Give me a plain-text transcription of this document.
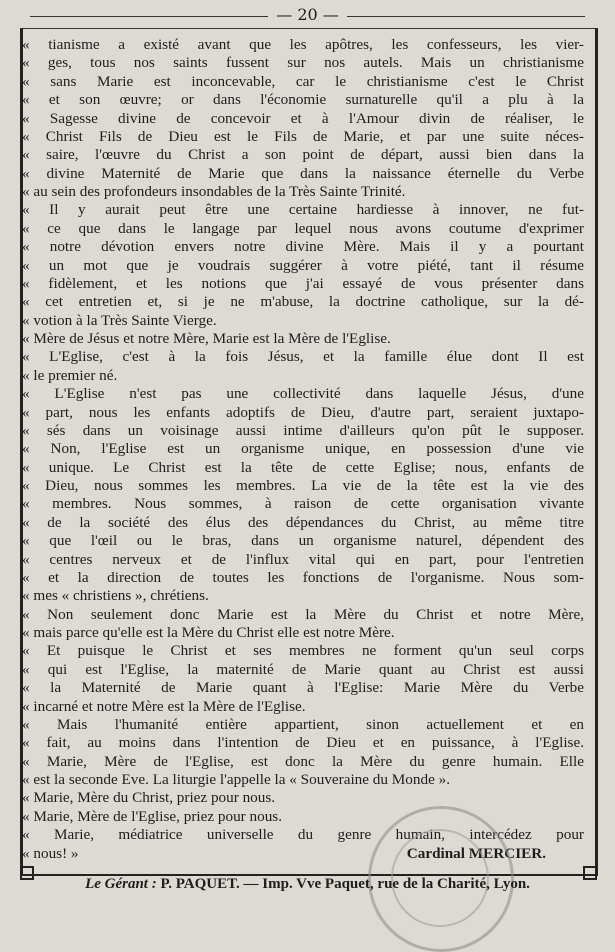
— 20 —
« tianisme a existé avant que les apôtres, les confesseurs, les vier-
« ges, tous nos saints fussent sur nos autels. Mais un christianisme
« sans Marie est inconcevable, car le christianisme c'est le Christ
« et son œuvre; or dans l'économie surnaturelle qu'il a plu à la
« Sagesse divine de concevoir et à l'Amour divin de réaliser, le
« Christ Fils de Dieu est le Fils de Marie, et par une suite néces-
« saire, l'œuvre du Christ a son point de départ, aussi bien dans la
« divine Maternité de Marie que dans la naissance éternelle du Verbe
« au sein des profondeurs insondables de la Très Sainte Trinité.
« Il y aurait peut être une certaine hardiesse à innover, ne fut-
« ce que dans le langage par lequel nous avons coutume d'exprimer
« notre dévotion envers notre divine Mère. Mais il y a pourtant
« un mot que je voudrais suggérer à votre piété, tant il résume
« fidèlement, et les notions que j'ai essayé de vous présenter dans
« cet entretien et, si je ne m'abuse, la doctrine catholique, sur la dé-
« votion à la Très Sainte Vierge.
« Mère de Jésus et notre Mère, Marie est la Mère de l'Eglise.
« L'Eglise, c'est à la fois Jésus, et la famille élue dont Il est
« le premier né.
« L'Eglise n'est pas une collectivité dans laquelle Jésus, d'une
« part, nous les enfants adoptifs de Dieu, d'autre part, seraient juxtapo-
« sés dans un voisinage aussi intime d'ailleurs qu'on pût le supposer.
« Non, l'Eglise est un organisme unique, en possession d'une vie
« unique. Le Christ est la tête de cette Eglise; nous, enfants de
« Dieu, nous sommes les membres. La vie de la tête est la vie des
« membres. Nous sommes, à raison de cette organisation vivante
« de la société des élus des dépendances du Christ, au même titre
« que l'œil ou le bras, dans un organisme naturel, dépendent des
« centres nerveux et de l'influx vital qui en part, pour l'entretien
« et la direction de toutes les fonctions de l'organisme. Nous som-
« mes « christiens », chrétiens.
« Non seulement donc Marie est la Mère du Christ et notre Mère,
« mais parce qu'elle est la Mère du Christ elle est notre Mère.
« Et puisque le Christ et ses membres ne forment qu'un seul corps
« qui est l'Eglise, la maternité de Marie quant au Christ est aussi
« la Maternité de Marie quant à l'Eglise: Marie Mère du Verbe
« incarné et notre Mère est la Mère de l'Eglise.
« Mais l'humanité entière appartient, sinon actuellement et en
« fait, au moins dans l'intention de Dieu et en puissance, à l'Eglise.
« Marie, Mère de l'Eglise, est donc la Mère du genre humain. Elle
« est la seconde Eve. La liturgie l'appelle la « Souveraine du Monde ».
« Marie, Mère du Christ, priez pour nous.
« Marie, Mère de l'Eglise, priez pour nous.
« Marie, médiatrice universelle du genre humain, intercédez pour
« nous! »	Cardinal MERCIER.
Le Gérant : P. PAQUET. — Imp. Vve Paquet, rue de la Charité, Lyon.
